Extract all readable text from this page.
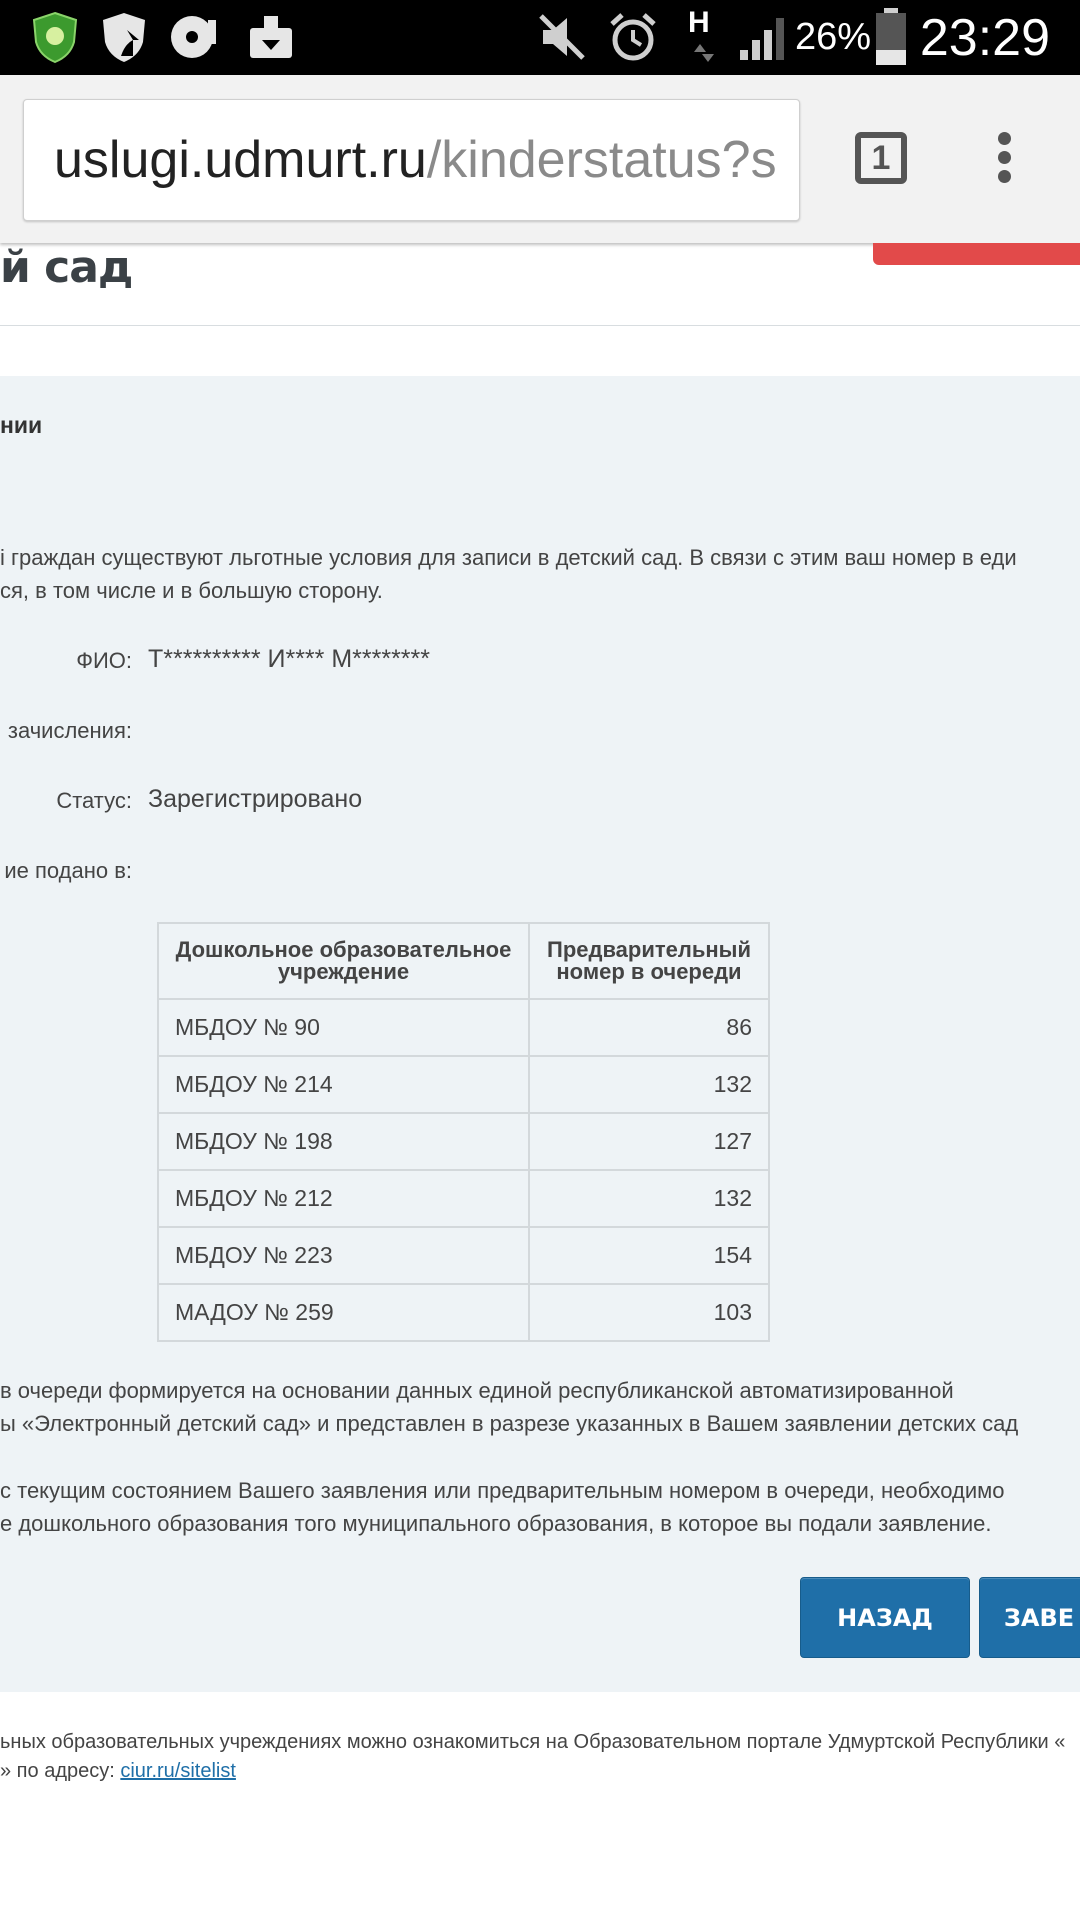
H 26% 23:29
uslugi.udmurt.ru/kinderstatus?s	1
й сад
нии
і граждан существуют льготные условия для записи в детский сад. В связи с этим ваш номер в еди
ся, в том числе и в большую сторону.
ФИО: Т********** И**** М********
зачисления:
Статус: Зарегистрировано
ие подано в:
Дошкольное образовательное учреждение	Предварительный номер в очереди
МБДОУ № 90	86
МБДОУ № 214	132
МБДОУ № 198	127
МБДОУ № 212	132
МБДОУ № 223	154
МАДОУ № 259	103
в очереди формируется на основании данных единой республиканской автоматизированной
ы «Электронный детский сад» и представлен в разрезе указанных в Вашем заявлении детских сад
с текущим состоянием Вашего заявления или предварительным номером в очереди, необходимо
е дошкольного образования того муниципального образования, в которое вы подали заявление.
НАЗАД	ЗАВЕ
ьных образовательных учреждениях можно ознакомиться на Образовательном портале Удмуртской Республики «
» по адресу: ciur.ru/sitelist
